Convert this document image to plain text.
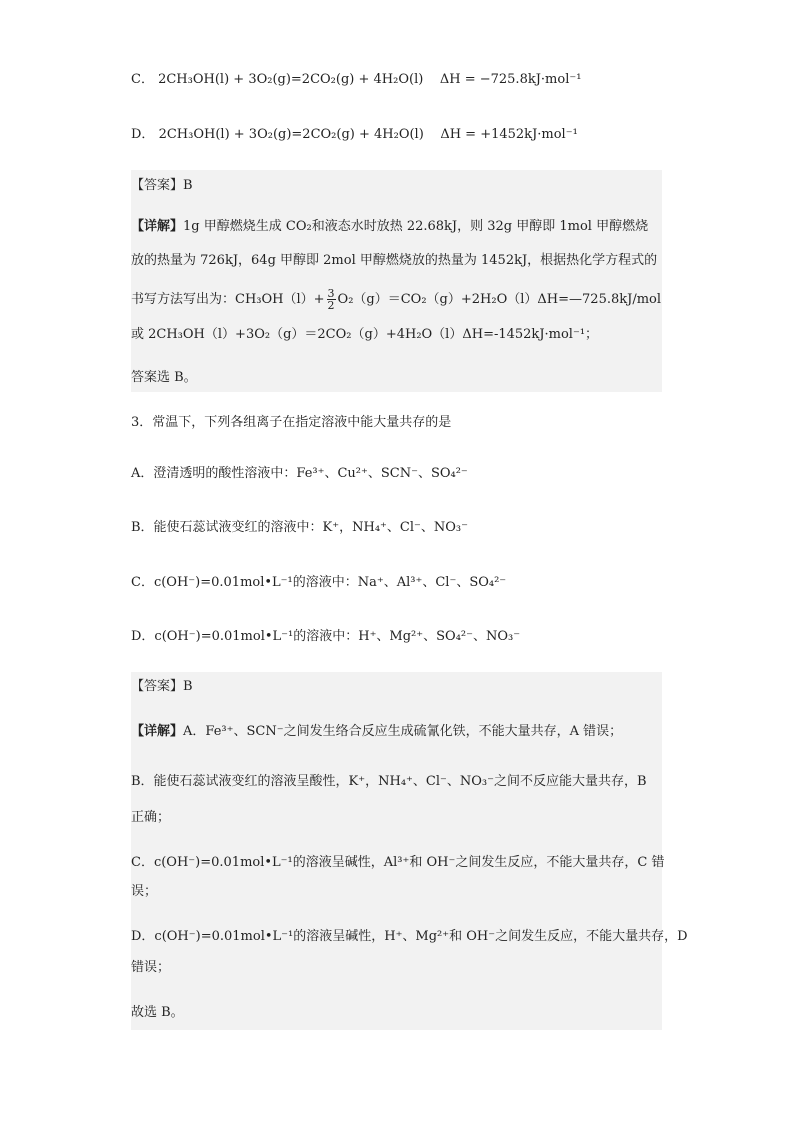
C． 2CH₃OH(l) + 3O₂(g)=2CO₂(g) + 4H₂O(l) ΔH = −725.8kJ·mol⁻¹
D． 2CH₃OH(l) + 3O₂(g)=2CO₂(g) + 4H₂O(l) ΔH = +1452kJ·mol⁻¹
【答案】B
【详解】1g 甲醇燃烧生成 CO₂和液态水时放热 22.68kJ，则 32g 甲醇即 1mol 甲醇燃烧
放的热量为 726kJ，64g 甲醇即 2mol 甲醇燃烧放的热量为 1452kJ，根据热化学方程式的
书写方法写出为：$CH_3OH(l)+ \frac{3}{2}$ O₂（g）＝CO₂（g）+2H₂O（l）ΔH=—725.8kJ/mol
或 2CH₃OH（l）+3O₂（g）＝2CO₂（g）+4H₂O（l）ΔH=-1452kJ·mol⁻¹；
答案选 B。
3．常温下，下列各组离子在指定溶液中能大量共存的是
A．澄清透明的酸性溶液中：Fe³⁺、Cu²⁺、SCN⁻、SO₄²⁻
B．能使石蕊试液变红的溶液中：K⁺，NH₄⁺、Cl⁻、NO₃⁻
C．c(OH⁻)=0.01mol•L⁻¹的溶液中：Na⁺、Al³⁺、Cl⁻、SO₄²⁻
D．c(OH⁻)=0.01mol•L⁻¹的溶液中：H⁺、Mg²⁺、SO₄²⁻、NO₃⁻
【答案】B
【详解】A．Fe³⁺、SCN⁻之间发生络合反应生成硫氰化铁，不能大量共存，A 错误；
B．能使石蕊试液变红的溶液呈酸性，K⁺，NH₄⁺、Cl⁻、NO₃⁻之间不反应能大量共存，B
正确；
C．c(OH⁻)=0.01mol•L⁻¹的溶液呈碱性，Al³⁺和 OH⁻之间发生反应，不能大量共存，C 错
误；
D．c(OH⁻)=0.01mol•L⁻¹的溶液呈碱性，H⁺、Mg²⁺和 OH⁻之间发生反应，不能大量共存，D
错误；
故选 B。
